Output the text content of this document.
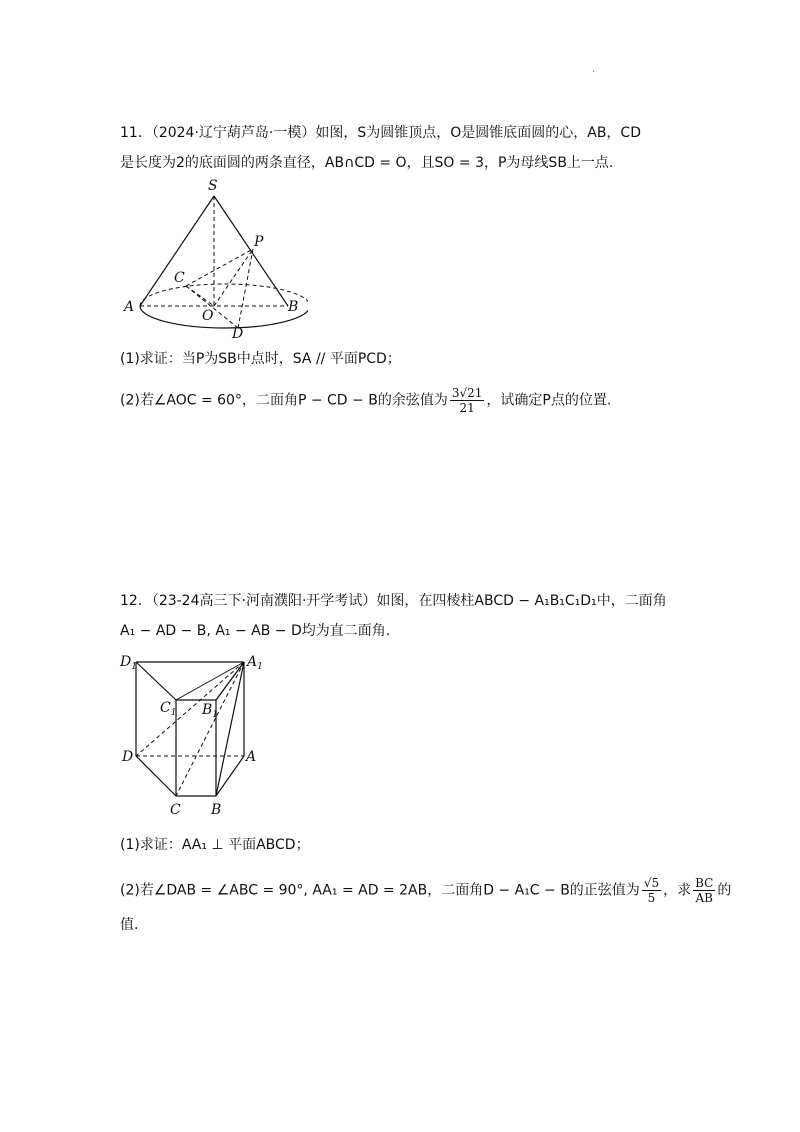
.
11．（2024·辽宁葫芦岛·一模）如图，S为圆锥顶点，O是圆锥底面圆的心，AB，CD
是长度为2的底面圆的两条直径，AB∩CD = O，且SO = 3，P为母线SB上一点.
S
P
C
A
O
B
D
(1)求证：当P为SB中点时，SA // 平面PCD；
(2)若∠AOC = 60°，二面角P − CD − B的余弦值为 $\frac{3√21}{21}$ ，试确定P点的位置.
12．（23-24高三下·河南濮阳·开学考试）如图，在四棱柱ABCD − A₁B₁C₁D₁中，二面角
A₁ − AD − B, A₁ − AB − D均为直二面角.
$D_1$	$A_1$
$C_1$ $B_1$
D	A
C B
(1)求证：AA₁ ⊥ 平面ABCD；
(2)若∠DAB = ∠ABC = 90°, AA₁ = AD = 2AB，二面角D − A₁C − B的正弦值为 $\frac{√5}{5}$ ，求 $\frac{BC}{AB}$ 的
值.
